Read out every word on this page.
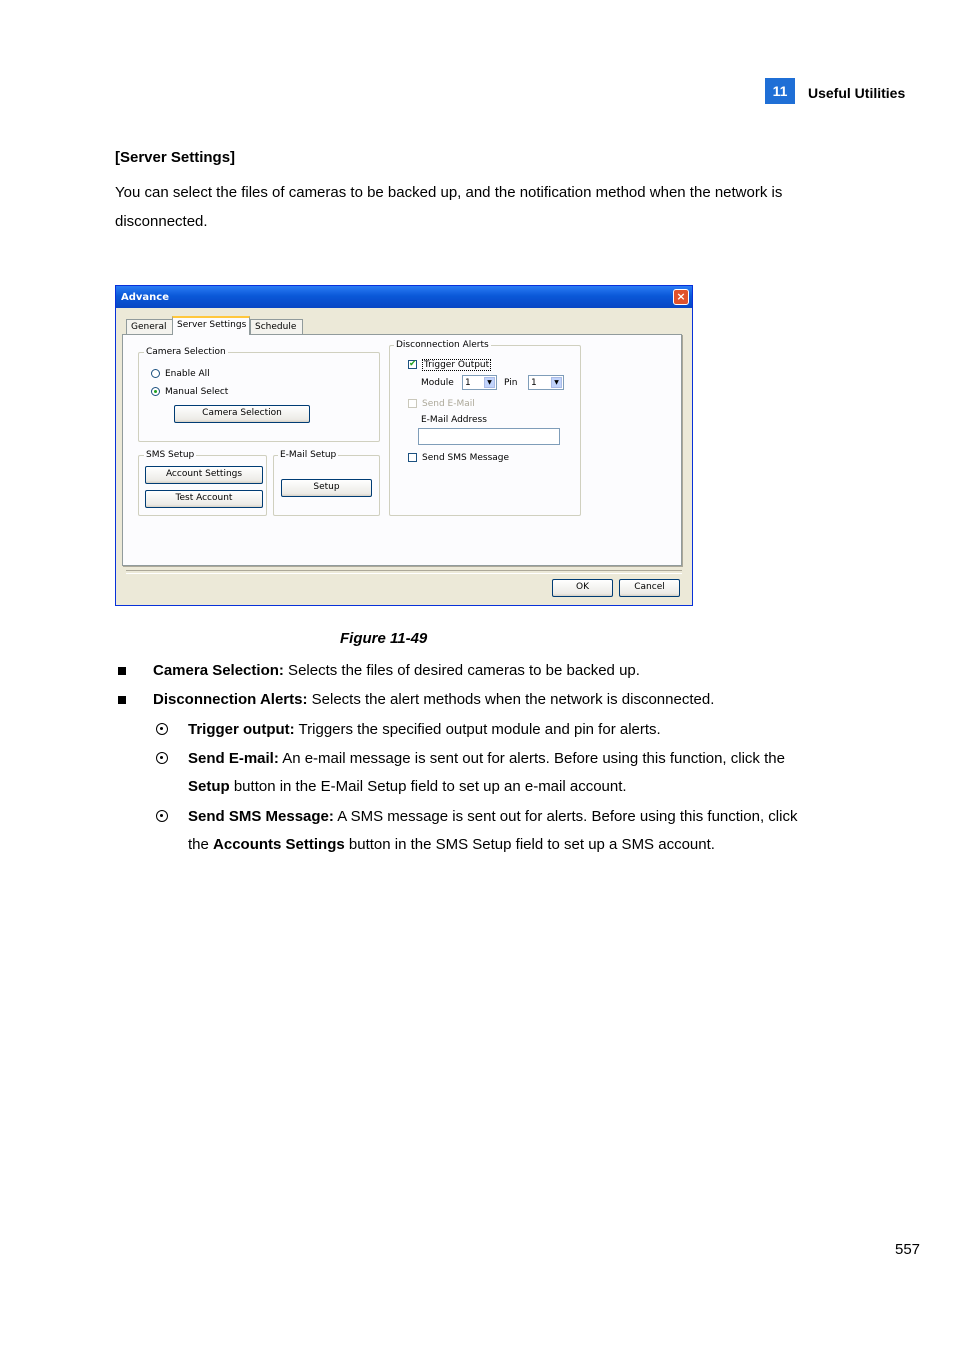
11	Useful Utilities
[Server Settings]
You can select the files of cameras to be backed up, and the notification method when the network is disconnected.
Advance	×
General	Server Settings Schedule
Camera Selection
Enable All
Manual Select
Camera Selection
SMS Setup
Account Settings
Test Account
E-Mail Setup
Setup
Disconnection Alerts
✔ Trigger Output
Module 1	▼	Pin 1	▼
Send E-Mail
E-Mail Address
Send SMS Message
OK	Cancel
Figure 11-49
Camera Selection: Selects the files of desired cameras to be backed up.
Disconnection Alerts: Selects the alert methods when the network is disconnected.
Trigger output: Triggers the specified output module and pin for alerts.
Send E-mail: An e-mail message is sent out for alerts. Before using this function, click the
Setup button in the E-Mail Setup field to set up an e-mail account.
Send SMS Message: A SMS message is sent out for alerts. Before using this function, click
the Accounts Settings button in the SMS Setup field to set up a SMS account.
557
